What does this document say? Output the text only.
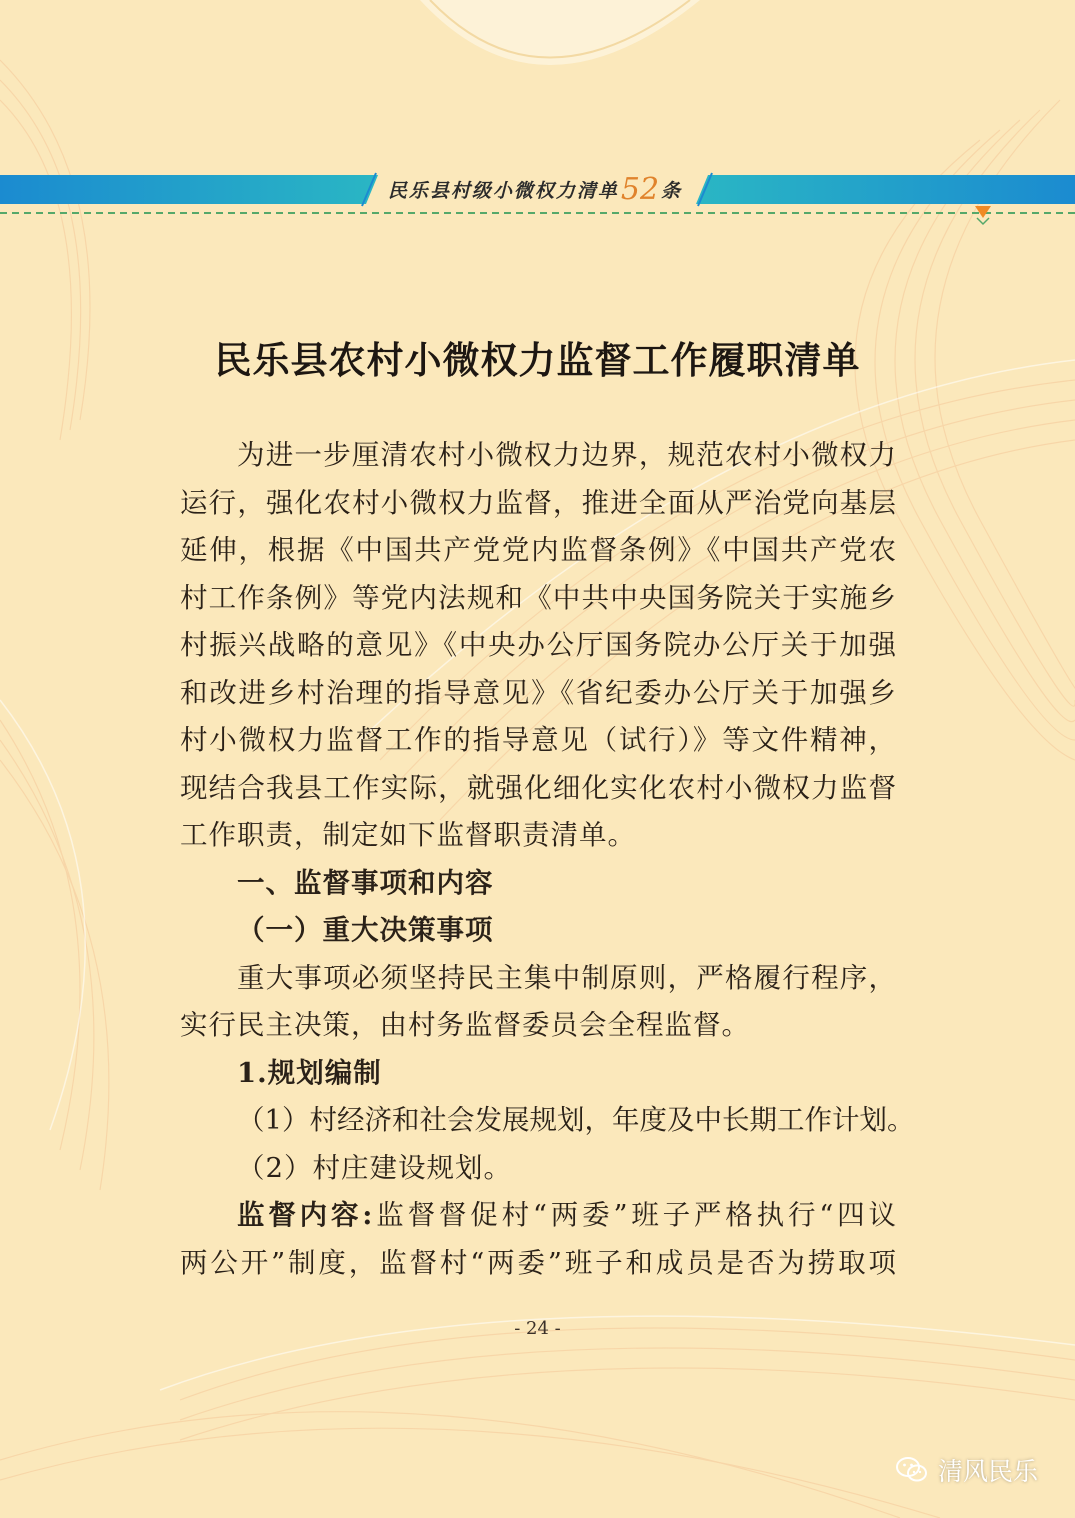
民乐县村级小微权力清单 52 条
民乐县农村小微权力监督工作履职清单
为进一步厘清农村小微权力边界，规范农村小微权力
运行，强化农村小微权力监督，推进全面从严治党向基层
延伸，根据《中国共产党党内监督条例》《中国共产党农
村工作条例》等党内法规和《中共中央国务院关于实施乡
村振兴战略的意见》《中央办公厅国务院办公厅关于加强
和改进乡村治理的指导意见》《省纪委办公厅关于加强乡
村小微权力监督工作的指导意见（试行）》等文件精神，
现结合我县工作实际，就强化细化实化农村小微权力监督
工作职责，制定如下监督职责清单。
一、监督事项和内容
（一）重大决策事项
重大事项必须坚持民主集中制原则，严格履行程序，
实行民主决策，由村务监督委员会全程监督。
1.规划编制
（1）村经济和社会发展规划，年度及中长期工作计划。
（2）村庄建设规划。
监督内容:监督督促村“两委”班子严格执行“四议
两公开”制度，监督村“两委”班子和成员是否为捞取项
- 24 -
清风民乐
